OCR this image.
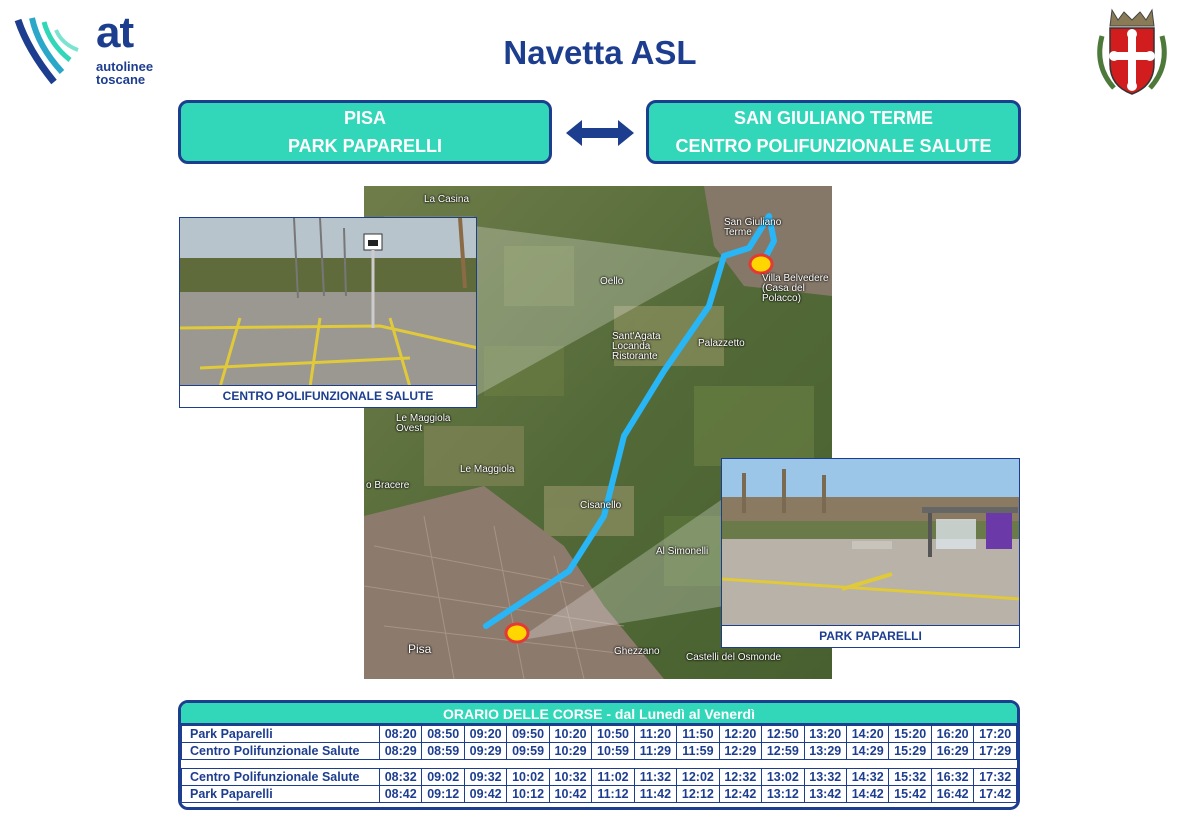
at
autolinee
toscane
Navetta ASL
PISA
PARK PAPARELLI
SAN GIULIANO TERME
CENTRO POLIFUNZIONALE SALUTE
La Casina
San Giuliano Terme
Villa Belvedere (Casa del Polacco)
Oello
Sant'Agata Locanda Ristorante
Palazzetto
Le Maggiola Ovest
Le Maggiola
o Bracere
Cisanello
Al Simonelli
Pisa	Ghezzano
Castelli del Osmonde
CENTRO POLIFUNZIONALE SALUTE
PARK PAPARELLI
ORARIO DELLE CORSE - dal Lunedì al Venerdì
Park Paparelli	08:20	08:50	09:20	09:50	10:20	10:50	11:20	11:50	12:20	12:50	13:20	14:20	15:20	16:20	17:20
Centro Polifunzionale Salute	08:29	08:59	09:29	09:59	10:29	10:59	11:29	11:59	12:29	12:59	13:29	14:29	15:29	16:29	17:29

Centro Polifunzionale Salute	08:32	09:02	09:32	10:02	10:32	11:02	11:32	12:02	12:32	13:02	13:32	14:32	15:32	16:32	17:32
Park Paparelli	08:42	09:12	09:42	10:12	10:42	11:12	11:42	12:12	12:42	13:12	13:42	14:42	15:42	16:42	17:42
